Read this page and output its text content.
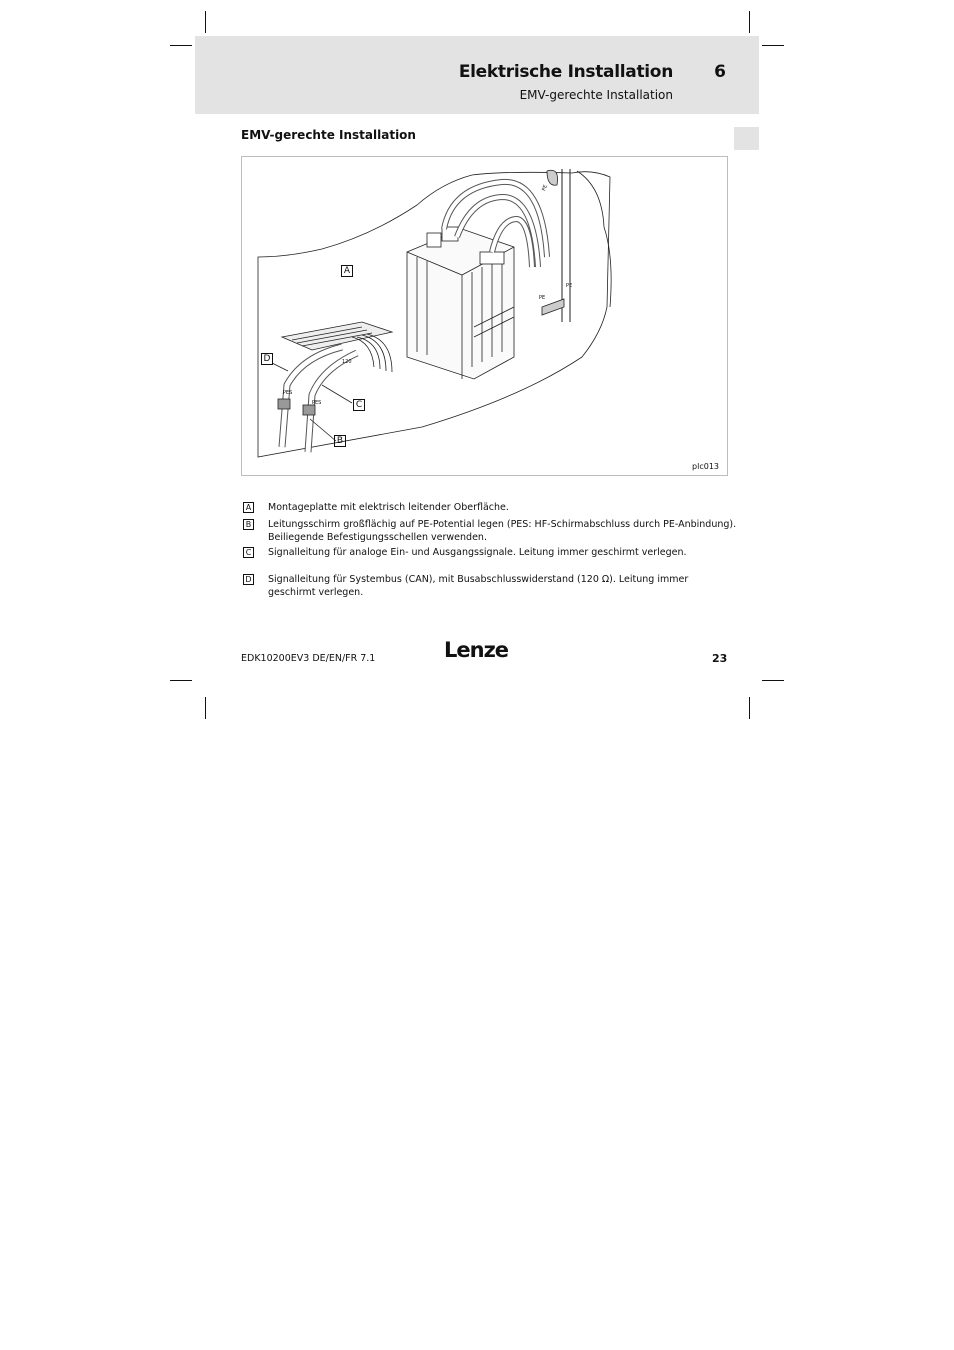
Elektrische Installation 6
EMV-gerechte Installation
EMV-gerechte Installation
A
D
C
B
PE
PE
PE
PES
PES
120
plc013
A Montageplatte mit elektrisch leitender Oberfläche.
B Leitungsschirm großflächig auf PE-Potential legen (PES: HF-Schirmabschluss durch PE-Anbindung). Beiliegende Befestigungsschellen verwenden.
C Signalleitung für analoge Ein- und Ausgangssignale. Leitung immer geschirmt verlegen.
D Signalleitung für Systembus (CAN), mit Busabschlusswiderstand (120 Ω). Leitung immer geschirmt verlegen.
EDK10200EV3 DE/EN/FR 7.1	Lenze	23
